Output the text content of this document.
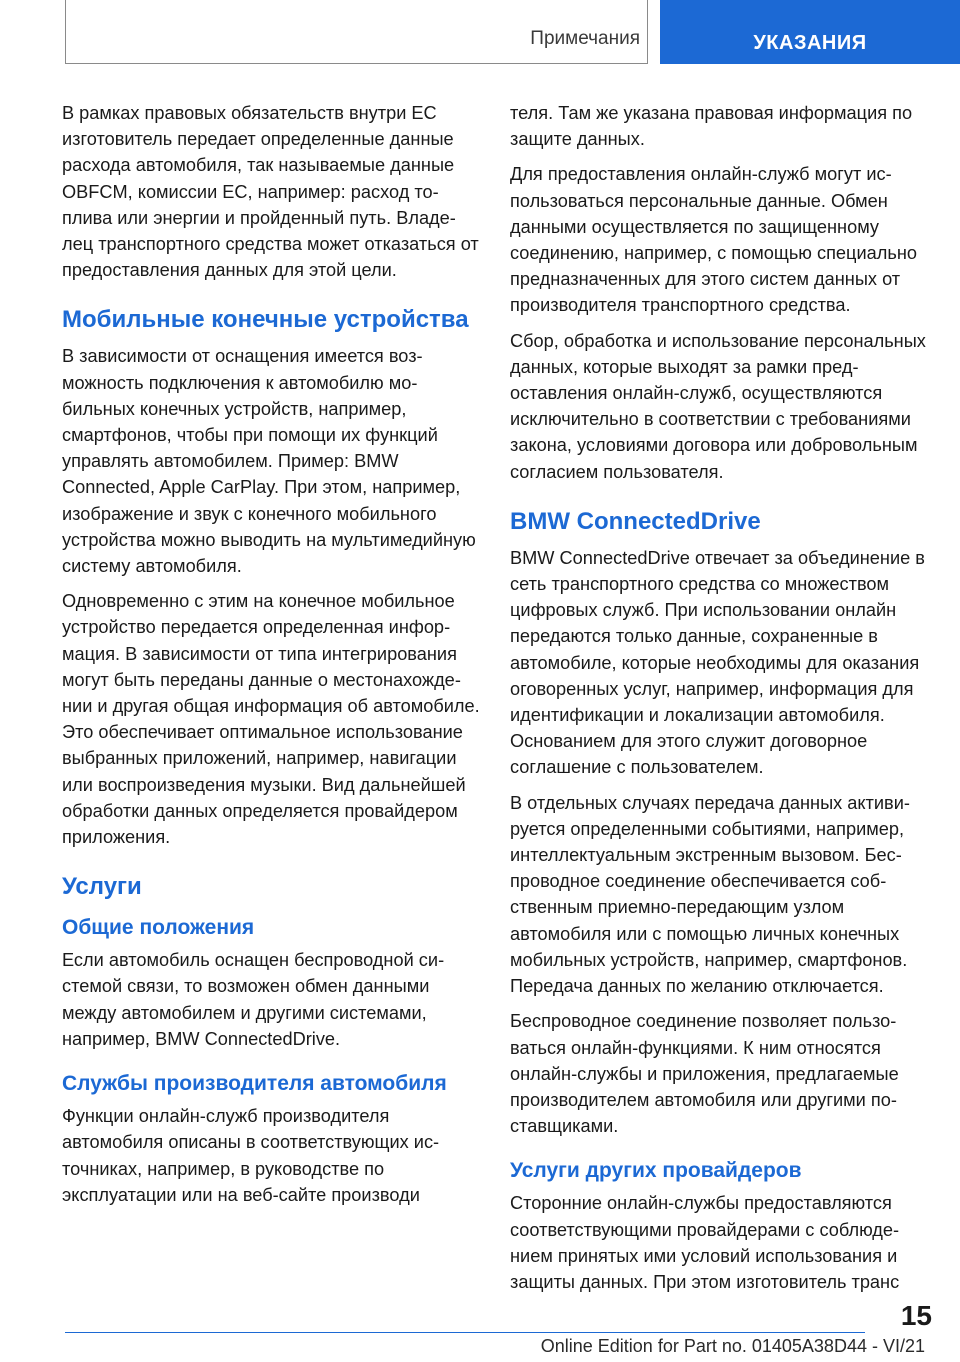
Примечания	УКАЗАНИЯ

В рамках правовых обязательств внутри ЕС изготовитель передает определенные данные расхода автомобиля, так называемые данные OBFCM, комиссии ЕС, например: расход топлива или энергии и пройденный путь. Владелец транспортного средства может отказаться от предоставления данных для этой цели.

Мобильные конечные устройства

В зависимости от оснащения имеется возможность подключения к автомобилю мобильных конечных устройств, например, смартфонов, чтобы при помощи их функций управлять автомобилем. Пример: BMW Connected, Apple CarPlay. При этом, например, изображение и звук с конечного мобильного устройства можно выводить на мультимедийную систему автомобиля.

Одновременно с этим на конечное мобильное устройство передается определенная информация. В зависимости от типа интегрирования могут быть переданы данные о местонахождении и другая общая информация об автомобиле. Это обеспечивает оптимальное использование выбранных приложений, например, навигации или воспроизведения музыки. Вид дальнейшей обработки данных определяется провайдером приложения.

Услуги
Общие положения

Если автомобиль оснащен беспроводной системой связи, то возможен обмен данными между автомобилем и другими системами, например, BMW ConnectedDrive.

Службы производителя автомобиля

Функции онлайн-служб производителя автомобиля описаны в соответствующих источниках, например, в руководстве по эксплуатации или на веб-сайте производи

теля. Там же указана правовая информация по защите данных.

Для предоставления онлайн-служб могут использоваться персональные данные. Обмен данными осуществляется по защищенному соединению, например, с помощью специально предназначенных для этого систем данных от производителя транспортного средства.

Сбор, обработка и использование персональных данных, которые выходят за рамки предоставления онлайн-служб, осуществляются исключительно в соответствии с требованиями закона, условиями договора или добровольным согласием пользователя.

BMW ConnectedDrive

BMW ConnectedDrive отвечает за объединение в сеть транспортного средства со множеством цифровых служб. При использовании онлайн передаются только данные, сохраненные в автомобиле, которые необходимы для оказания оговоренных услуг, например, информация для идентификации и локализации автомобиля. Основанием для этого служит договорное соглашение с пользователем.

В отдельных случаях передача данных активируется определенными событиями, например, интеллектуальным экстренным вызовом. Беспроводное соединение обеспечивается собственным приемно-передающим узлом автомобиля или с помощью личных конечных мобильных устройств, например, смартфонов. Передача данных по желанию отключается.

Беспроводное соединение позволяет пользоваться онлайн-функциями. К ним относятся онлайн-службы и приложения, предлагаемые производителем автомобиля или другими поставщиками.

Услуги других провайдеров

Сторонние онлайн-службы предоставляются соответствующими провайдерами с соблюдением принятых ими условий использования и защиты данных. При этом изготовитель транс

15
Online Edition for Part no. 01405A38D44 - VI/21
